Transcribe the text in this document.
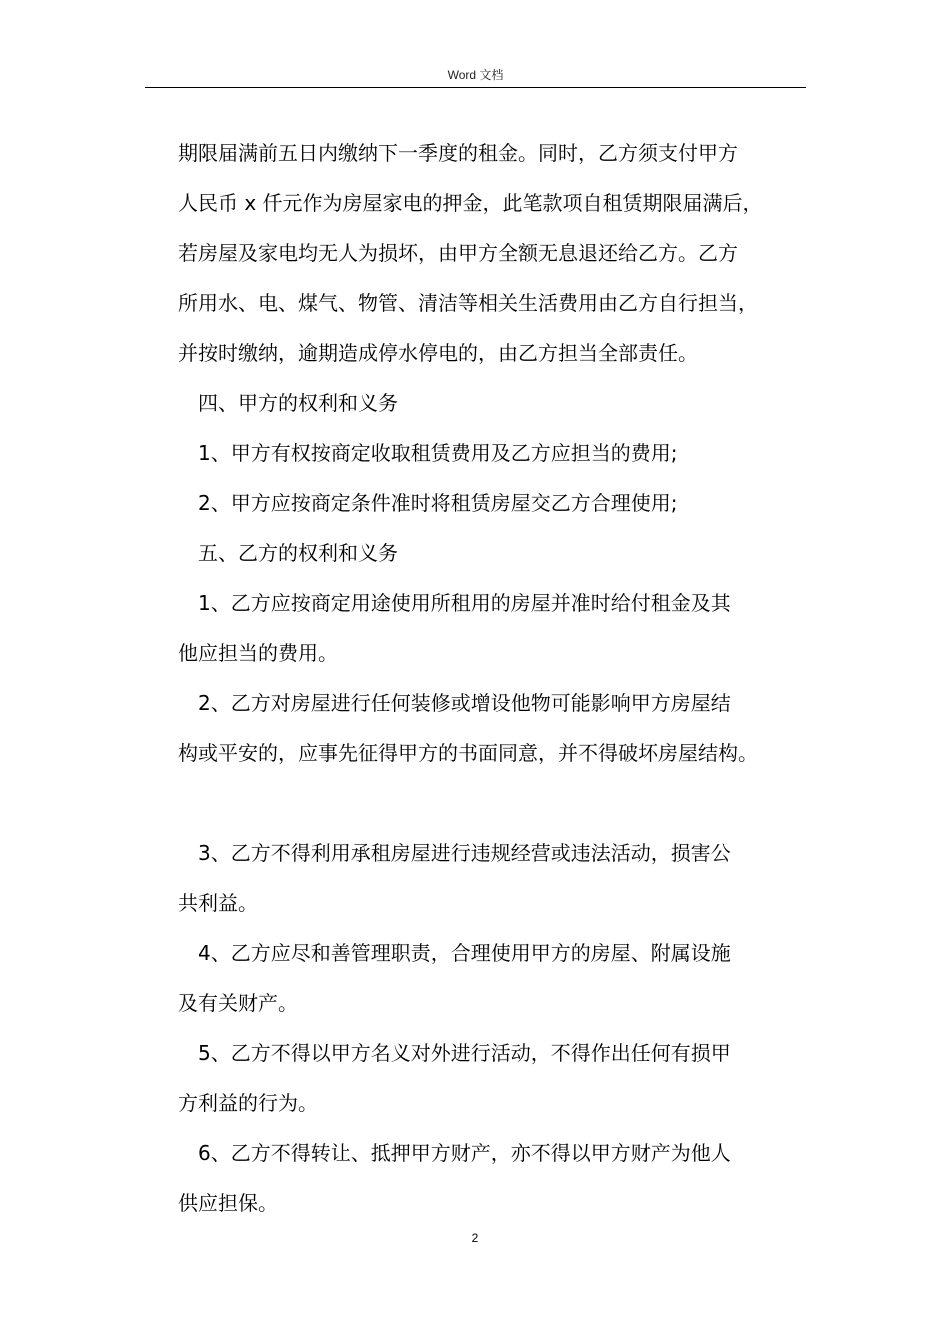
Word 文档

期限届满前五日内缴纳下一季度的租金。同时，乙方须支付甲方

人民币 x 仟元作为房屋家电的押金，此笔款项自租赁期限届满后，

若房屋及家电均无人为损坏，由甲方全额无息退还给乙方。乙方

所用水、电、煤气、物管、清洁等相关生活费用由乙方自行担当，

并按时缴纳，逾期造成停水停电的，由乙方担当全部责任。

四、甲方的权利和义务

1、甲方有权按商定收取租赁费用及乙方应担当的费用;

2、甲方应按商定条件准时将租赁房屋交乙方合理使用;

五、乙方的权利和义务

1、乙方应按商定用途使用所租用的房屋并准时给付租金及其

他应担当的费用。

2、乙方对房屋进行任何装修或增设他物可能影响甲方房屋结

构或平安的，应事先征得甲方的书面同意，并不得破坏房屋结构。

3、乙方不得利用承租房屋进行违规经营或违法活动，损害公

共利益。

4、乙方应尽和善管理职责，合理使用甲方的房屋、附属设施

及有关财产。

5、乙方不得以甲方名义对外进行活动，不得作出任何有损甲

方利益的行为。

6、乙方不得转让、抵押甲方财产，亦不得以甲方财产为他人

供应担保。

2
